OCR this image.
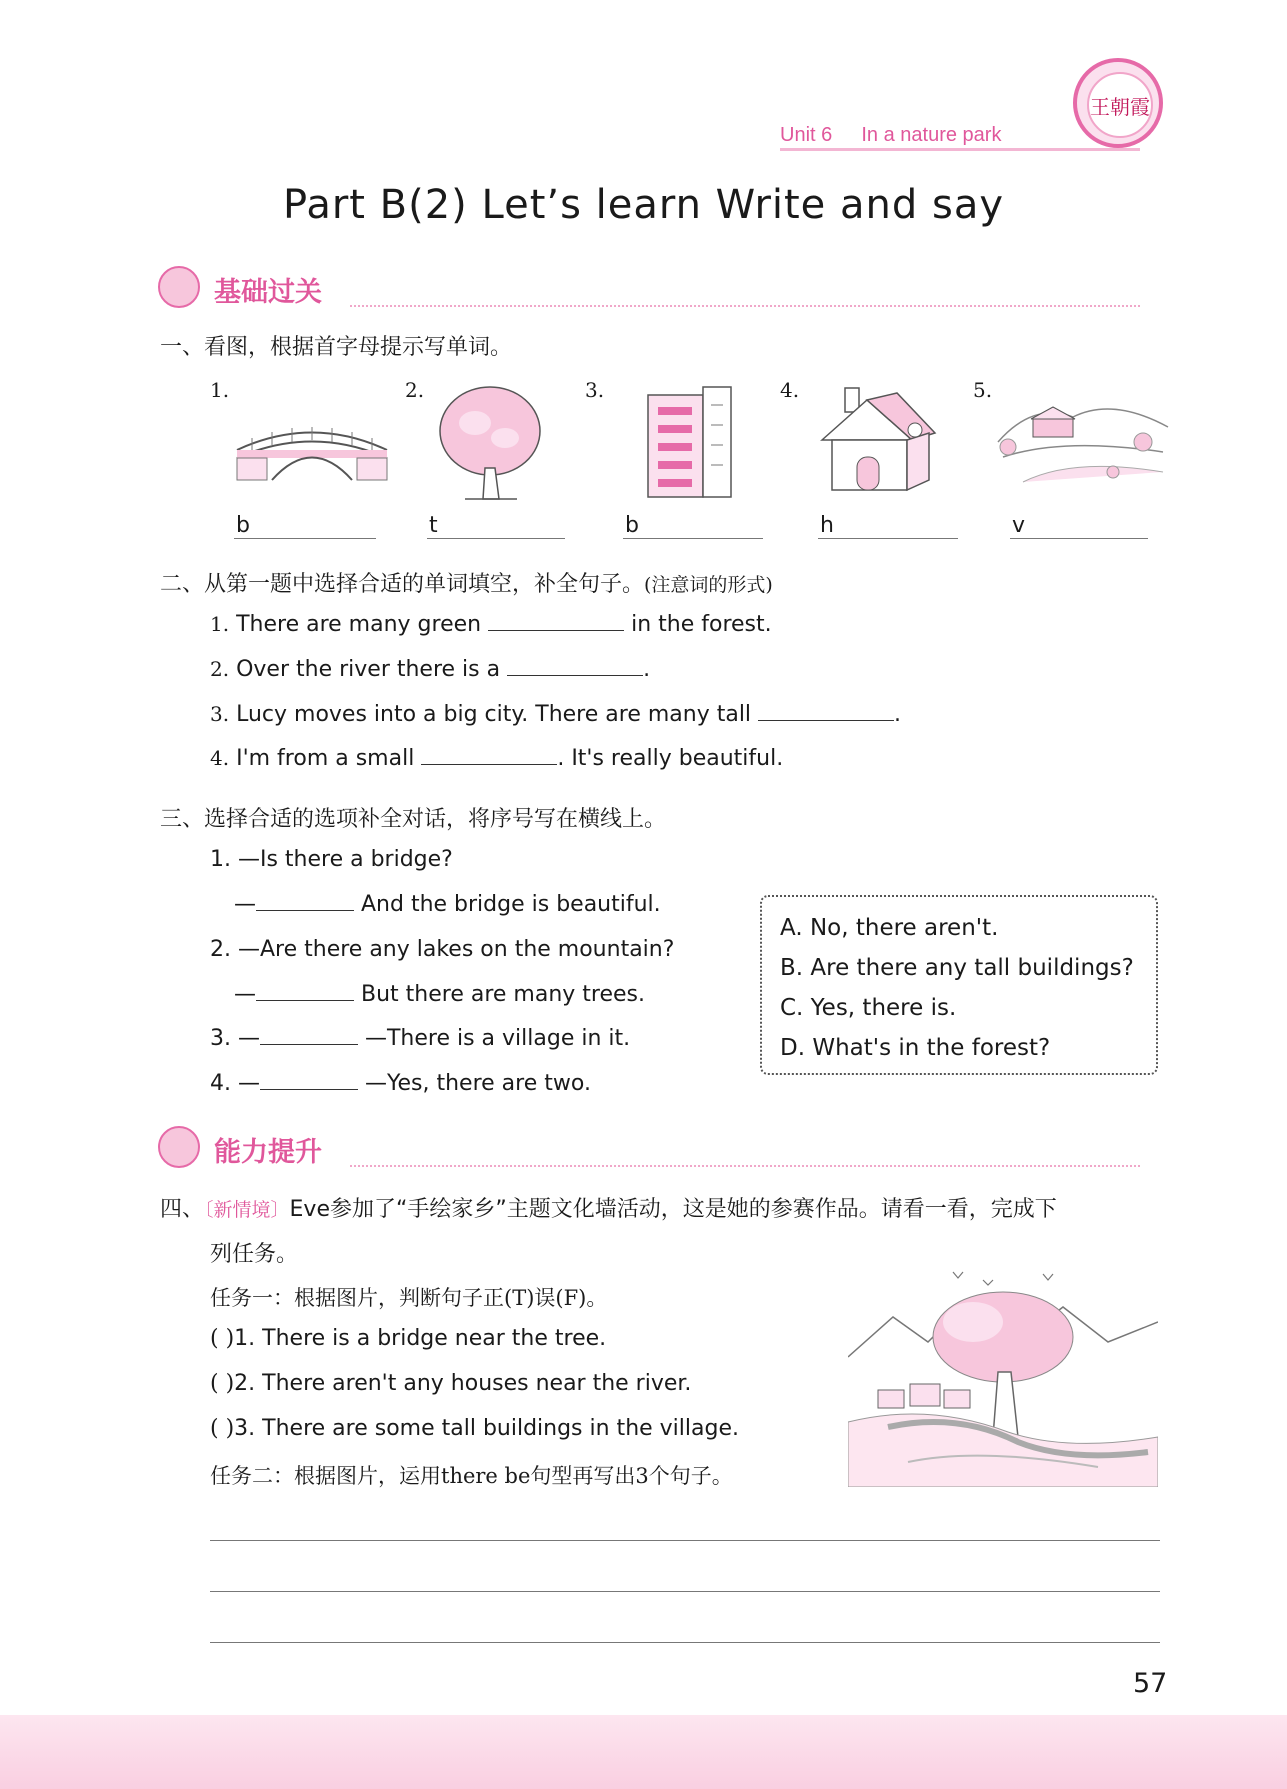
王朝霞
Unit 6 In a nature park
Part B(2) Let’s learn Write and say
基础过关
一、看图，根据首字母提示写单词。
1.	2.	3.	4.	5.
b	t	b	h	v
二、从第一题中选择合适的单词填空，补全句子。(注意词的形式)
1. There are many green	in the forest.
2. Over the river there is a	.
3. Lucy moves into a big city. There are many tall	.
4. I'm from a small	. It's really beautiful.
三、选择合适的选项补全对话，将序号写在横线上。
1. —Is there a bridge?
—	And the bridge is beautiful.
2. —Are there any lakes on the mountain?
—	But there are many trees.
3. —	—There is a village in it.
4. —	—Yes, there are two.
A. No, there aren't.
B. Are there any tall buildings?
C. Yes, there is.
D. What's in the forest?
能力提升
四、〔新情境〕Eve参加了“手绘家乡”主题文化墙活动，这是她的参赛作品。请看一看，完成下
列任务。
任务一：根据图片，判断句子正(T)误(F)。
( )1. There is a bridge near the tree.
( )2. There aren't any houses near the river.
( )3. There are some tall buildings in the village.
任务二：根据图片，运用there be句型再写出3个句子。
57
